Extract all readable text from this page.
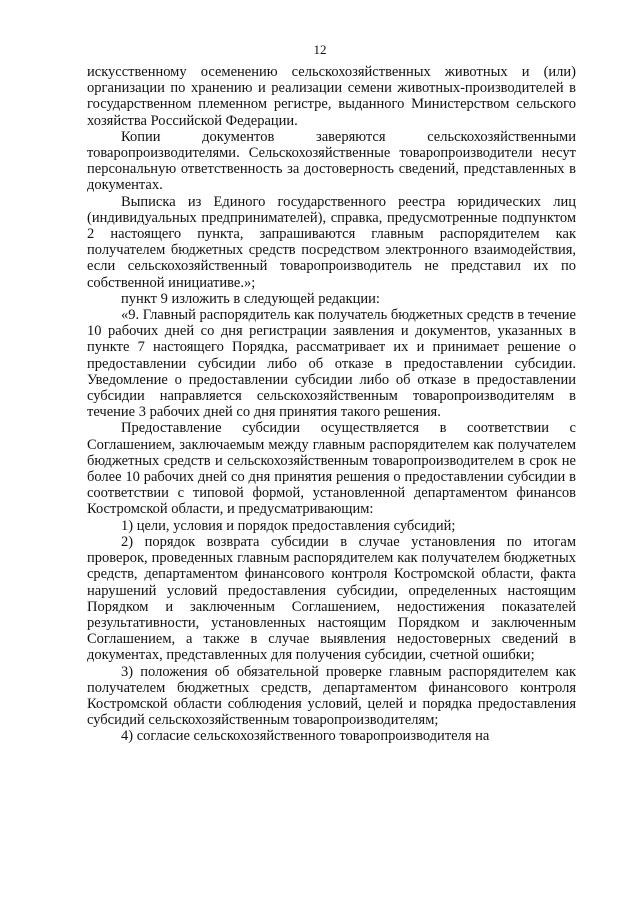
12

искусственному осеменению сельскохозяйственных животных и (или) организации по хранению и реализации семени животных-производителей в государственном племенном регистре, выданного Министерством сельского хозяйства Российской Федерации.

Копии документов заверяются сельскохозяйственными товаропроизводителями. Сельскохозяйственные товаропроизводители несут персональную ответственность за достоверность сведений, представленных в документах.

Выписка из Единого государственного реестра юридических лиц (индивидуальных предпринимателей), справка, предусмотренные подпунктом 2 настоящего пункта, запрашиваются главным распорядителем как получателем бюджетных средств посредством электронного взаимодействия, если сельскохозяйственный товаропроизводитель не представил их по собственной инициативе.»;

пункт 9 изложить в следующей редакции:

«9. Главный распорядитель как получатель бюджетных средств в течение 10 рабочих дней со дня регистрации заявления и документов, указанных в пункте 7 настоящего Порядка, рассматривает их и принимает решение о предоставлении субсидии либо об отказе в предоставлении субсидии. Уведомление о предоставлении субсидии либо об отказе в предоставлении субсидии направляется сельскохозяйственным товаропроизводителям в течение 3 рабочих дней со дня принятия такого решения.

Предоставление субсидии осуществляется в соответствии с Соглашением, заключаемым между главным распорядителем как получателем бюджетных средств и сельскохозяйственным товаропроизводителем в срок не более 10 рабочих дней со дня принятия решения о предоставлении субсидии в соответствии с типовой формой, установленной департаментом финансов Костромской области, и предусматривающим:

1) цели, условия и порядок предоставления субсидий;

2) порядок возврата субсидии в случае установления по итогам проверок, проведенных главным распорядителем как получателем бюджетных средств, департаментом финансового контроля Костромской области, факта нарушений условий предоставления субсидии, определенных настоящим Порядком и заключенным Соглашением, недостижения показателей результативности, установленных настоящим Порядком и заключенным Соглашением, а также в случае выявления недостоверных сведений в документах, представленных для получения субсидии, счетной ошибки;

3) положения об обязательной проверке главным распорядителем как получателем бюджетных средств, департаментом финансового контроля Костромской области соблюдения условий, целей и порядка предоставления субсидий сельскохозяйственным товаропроизводителям;

4) согласие сельскохозяйственного товаропроизводителя на
